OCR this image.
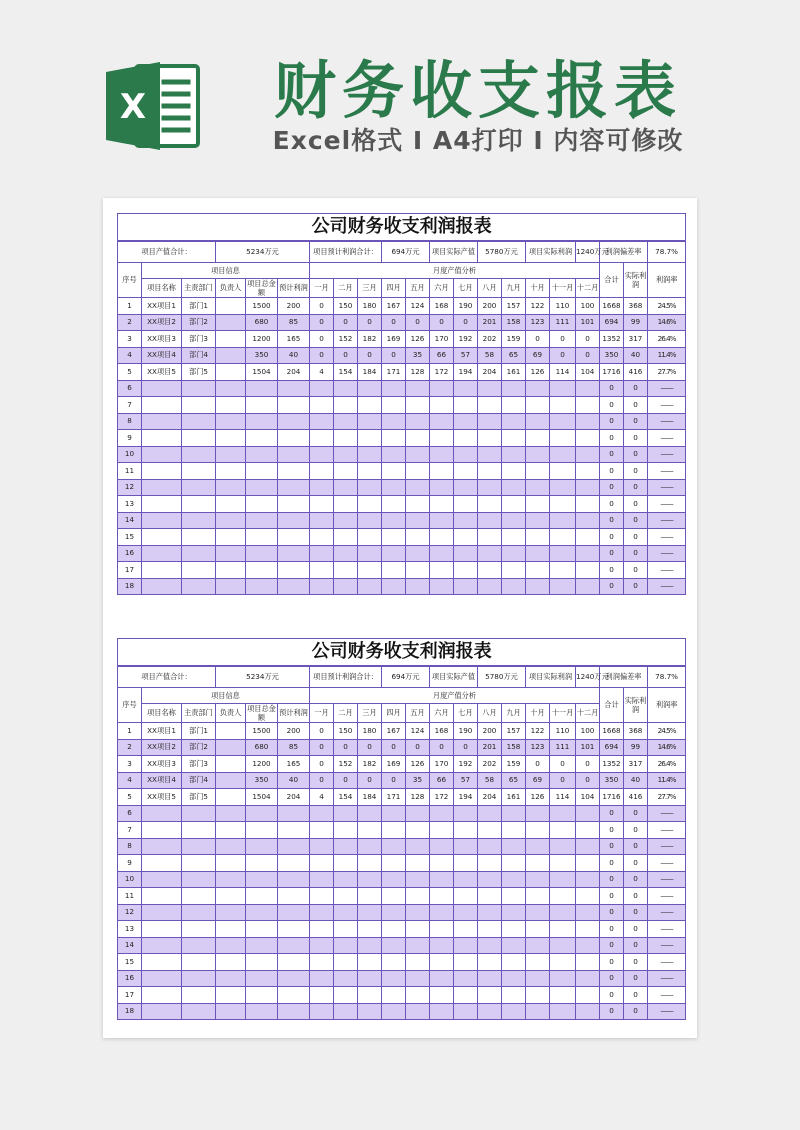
X	财务收支报表
Excel格式 Ⅰ A4打印 Ⅰ 内容可修改
公司财务收支利润报表
项目产值合计：	5234万元	项目预计利润合计：	694万元	项目实际产值	5780万元	项目实际利润	1240万元	利润偏差率	78.7%
序号	项目信息	月度产值分析	合计	实际利润	利润率
项目名称	主责部门	负责人	项目总金额	预计利润	一月	二月	三月	四月	五月	六月	七月	八月	九月	十月	十一月	十二月
1	XX项目1	部门1		1500	200	0	150	180	167	124	168	190	200	157	122	110	100	1668	368	24.5%
2	XX项目2	部门2		680	85	0	0	0	0	0	0	0	201	158	123	111	101	694	99	14.6%
3	XX项目3	部门3		1200	165	0	152	182	169	126	170	192	202	159	0	0	0	1352	317	26.4%
4	XX项目4	部门4		350	40	0	0	0	0	35	66	57	58	65	69	0	0	350	40	11.4%
5	XX项目5	部门5		1504	204	4	154	184	171	128	172	194	204	161	126	114	104	1716	416	27.7%
6																		0	0	——
7																		0	0	——
8																		0	0	——
9																		0	0	——
10																		0	0	——
11																		0	0	——
12																		0	0	——
13																		0	0	——
14																		0	0	——
15																		0	0	——
16																		0	0	——
17																		0	0	——
18																		0	0	——
公司财务收支利润报表
项目产值合计：	5234万元	项目预计利润合计：	694万元	项目实际产值	5780万元	项目实际利润	1240万元	利润偏差率	78.7%
序号	项目信息	月度产值分析	合计	实际利润	利润率
项目名称	主责部门	负责人	项目总金额	预计利润	一月	二月	三月	四月	五月	六月	七月	八月	九月	十月	十一月	十二月
1	XX项目1	部门1		1500	200	0	150	180	167	124	168	190	200	157	122	110	100	1668	368	24.5%
2	XX项目2	部门2		680	85	0	0	0	0	0	0	0	201	158	123	111	101	694	99	14.6%
3	XX项目3	部门3		1200	165	0	152	182	169	126	170	192	202	159	0	0	0	1352	317	26.4%
4	XX项目4	部门4		350	40	0	0	0	0	35	66	57	58	65	69	0	0	350	40	11.4%
5	XX项目5	部门5		1504	204	4	154	184	171	128	172	194	204	161	126	114	104	1716	416	27.7%
6																		0	0	——
7																		0	0	——
8																		0	0	——
9																		0	0	——
10																		0	0	——
11																		0	0	——
12																		0	0	——
13																		0	0	——
14																		0	0	——
15																		0	0	——
16																		0	0	——
17																		0	0	——
18																		0	0	——
